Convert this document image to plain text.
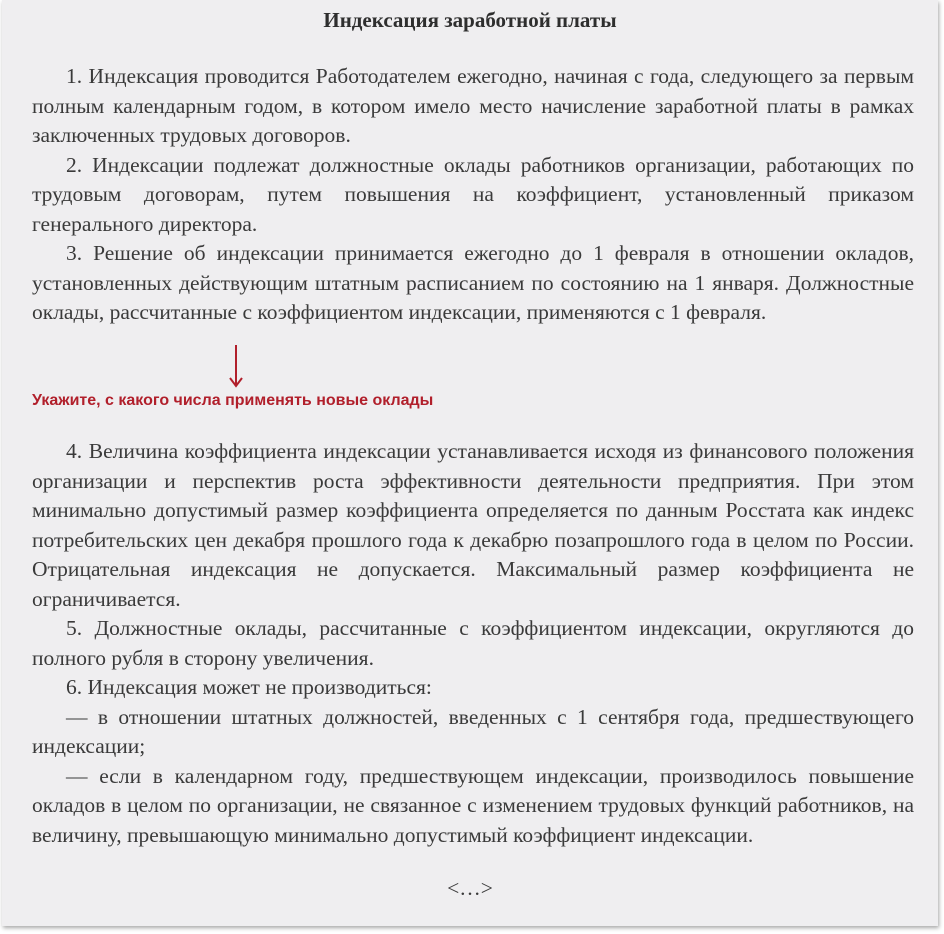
Индексация заработной платы

1. Индексация проводится Работодателем ежегодно, начиная с года, следующего за первым полным календарным годом, в котором имело место начисление заработной платы в рамках заключенных трудовых договоров.

2. Индексации подлежат должностные оклады работников организации, работающих по трудовым договорам, путем повышения на коэффициент, установленный приказом генерального директора.

3. Решение об индексации принимается ежегодно до 1 февраля в отношении окладов, установленных действующим штатным расписанием по состоянию на 1 января. Должностные оклады, рассчитанные с коэффициентом индексации, применяются с 1 февраля.

Укажите, с какого числа применять новые оклады

4. Величина коэффициента индексации устанавливается исходя из финансового положения организации и перспектив роста эффективности деятельности предприятия. При этом минимально допустимый размер коэффициента определяется по данным Росстата как индекс потребительских цен декабря прошлого года к декабрю позапрошлого года в целом по России. Отрицательная индексация не допускается. Максимальный размер коэффициента не ограничивается.

5. Должностные оклады, рассчитанные с коэффициентом индексации, округляются до полного рубля в сторону увеличения.

6. Индексация может не производиться:

— в отношении штатных должностей, введенных с 1 сентября года, предшествующего индексации;

— если в календарном году, предшествующем индексации, производилось повышение окладов в целом по организации, не связанное с изменением трудовых функций работников, на величину, превышающую минимально допустимый коэффициент индексации.

<…>
